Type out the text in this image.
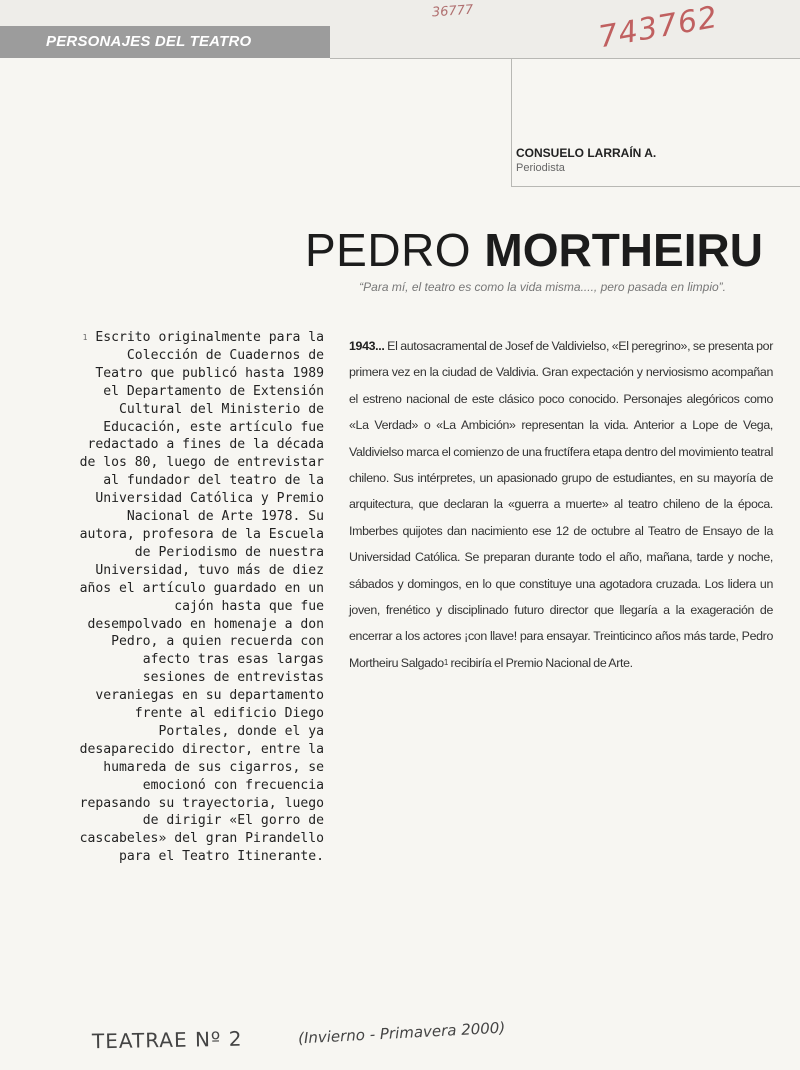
PERSONAJES DEL TEATRO
36777	743762
CONSUELO LARRAÍN A.
Periodista
PEDRO MORTHEIRU
“Para mí, el teatro es como la vida misma...., pero pasada en limpio”.
$^1$ Escrito originalmente para la Colección de Cuadernos de Teatro que publicó hasta 1989 el Departamento de Extensión Cultural del Ministerio de Educación, este artículo fue redactado a fines de la década de los 80, luego de entrevistar al fundador del teatro de la Universidad Católica y Premio Nacional de Arte 1978. Su autora, profesora de la Escuela de Periodismo de nuestra Universidad, tuvo más de diez años el artículo guardado en un cajón hasta que fue desempolvado en homenaje a don Pedro, a quien recuerda con afecto tras esas largas sesiones de entrevistas veraniegas en su departamento frente al edificio Diego Portales, donde el ya desaparecido director, entre la humareda de sus cigarros, se emocionó con frecuencia repasando su trayectoria, luego de dirigir «El gorro de cascabeles» del gran Pirandello para el Teatro Itinerante.
1943... El autosacramental de Josef de Valdivielso, «El peregrino», se presenta por primera vez en la ciudad de Valdivia. Gran expectación y nerviosismo acompañan el estreno nacional de este clásico poco conocido. Personajes alegóricos como «La Verdad» o «La Ambición» representan la vida. Anterior a Lope de Vega, Valdivielso marca el comienzo de una fructífera etapa dentro del movimiento teatral chileno. Sus intérpretes, un apasionado grupo de estudiantes, en su mayoría de arquitectura, que declaran la «guerra a muerte» al teatro chileno de la época. Imberbes quijotes dan nacimiento ese 12 de octubre al Teatro de Ensayo de la Universidad Católica. Se preparan durante todo el año, mañana, tarde y noche, sábados y domingos, en lo que constituye una agotadora cruzada. Los lidera un joven, frenético y disciplinado futuro director que llegaría a la exageración de encerrar a los actores ¡con llave! para ensayar. Treinticinco años más tarde, Pedro Mortheiru Salgado$^1$ recibiría el Premio Nacional de Arte.
TEATRAE Nº 2	(Invierno - Primavera 2000)
